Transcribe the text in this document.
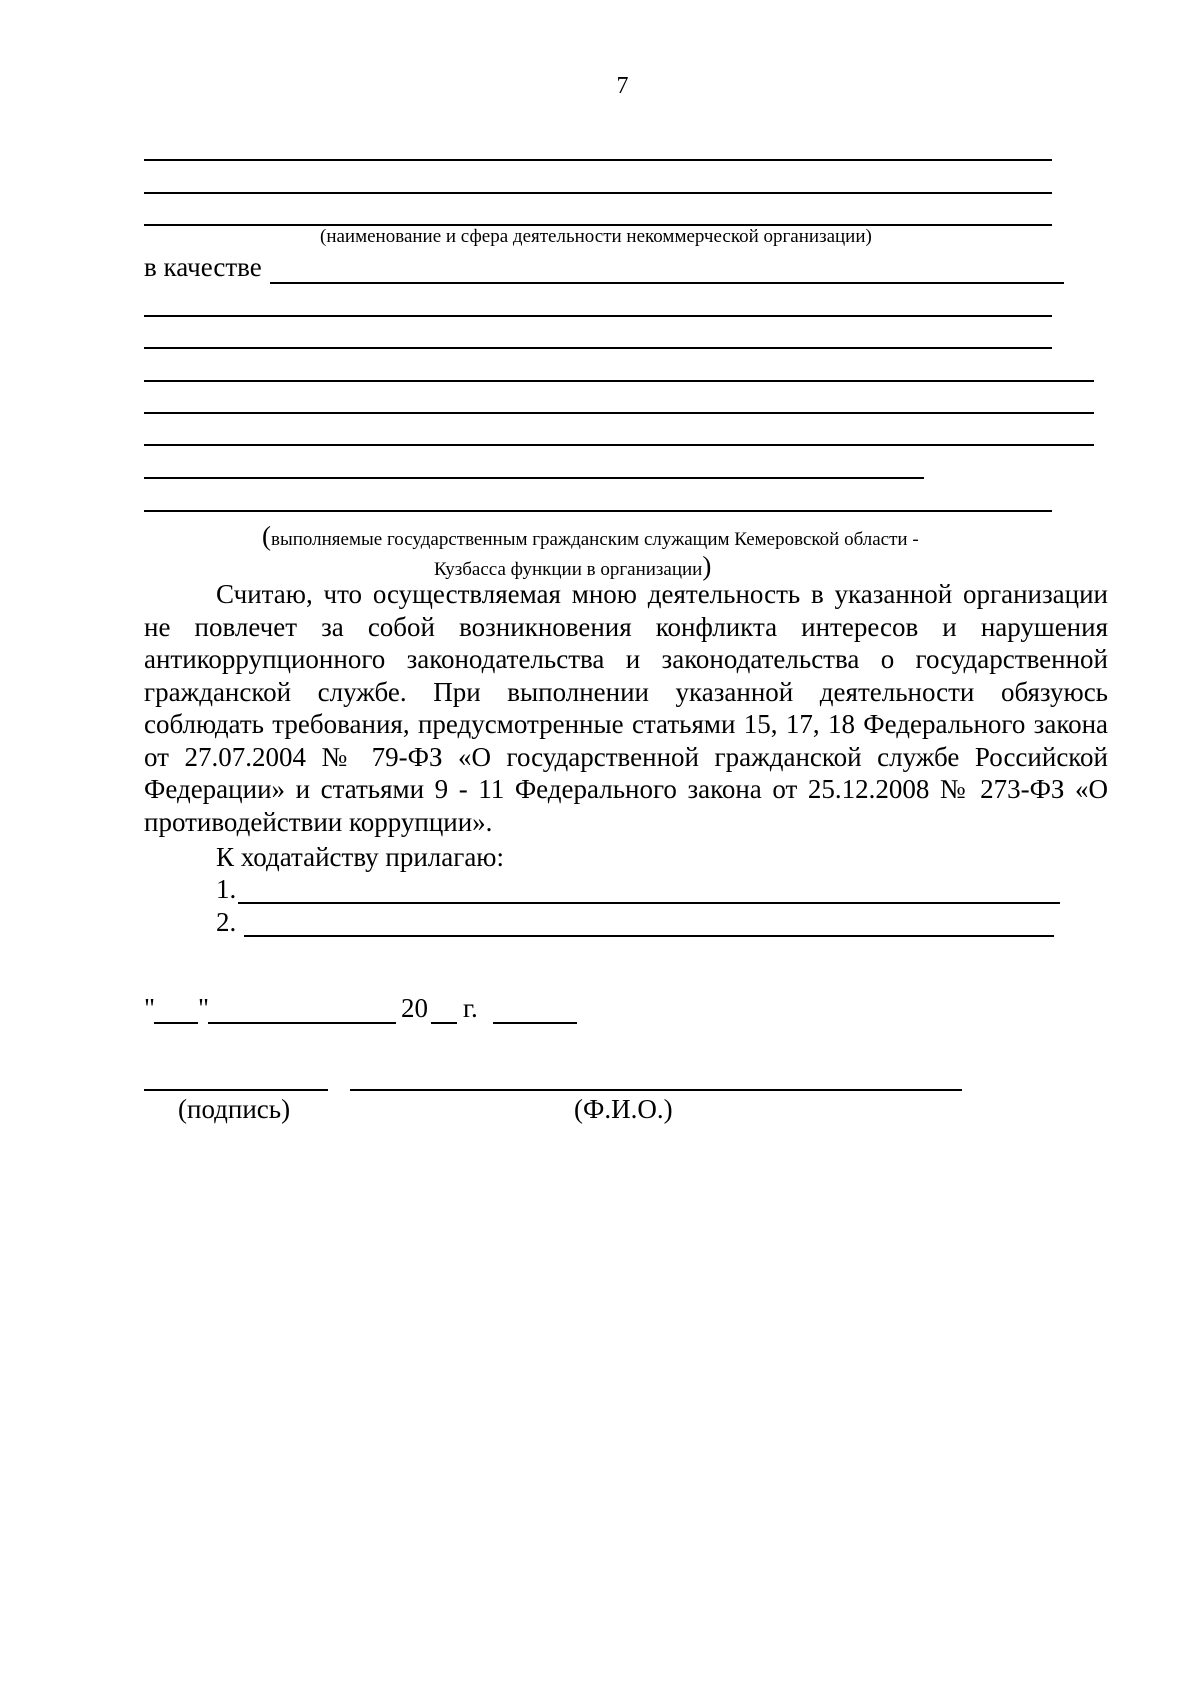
7
(наименование и сфера деятельности некоммерческой организации)
в качестве
(выполняемые государственным гражданским служащим Кемеровской области -
Кузбасса функции в организации)
Считаю, что осуществляемая мною деятельность в указанной организации не повлечет за собой возникновения конфликта интересов и нарушения антикоррупционного законодательства и законодательства о государственной гражданской службе. При выполнении указанной деятельности обязуюсь соблюдать требования, предусмотренные статьями 15, 17, 18 Федерального закона от 27.07.2004 № 79-ФЗ «О государственной гражданской службе Российской Федерации» и статьями 9 - 11 Федерального закона от 25.12.2008 № 273-ФЗ «О противодействии коррупции».
К ходатайству прилагаю:
1.
2.
" "	20 г.
(подпись)	(Ф.И.О.)
